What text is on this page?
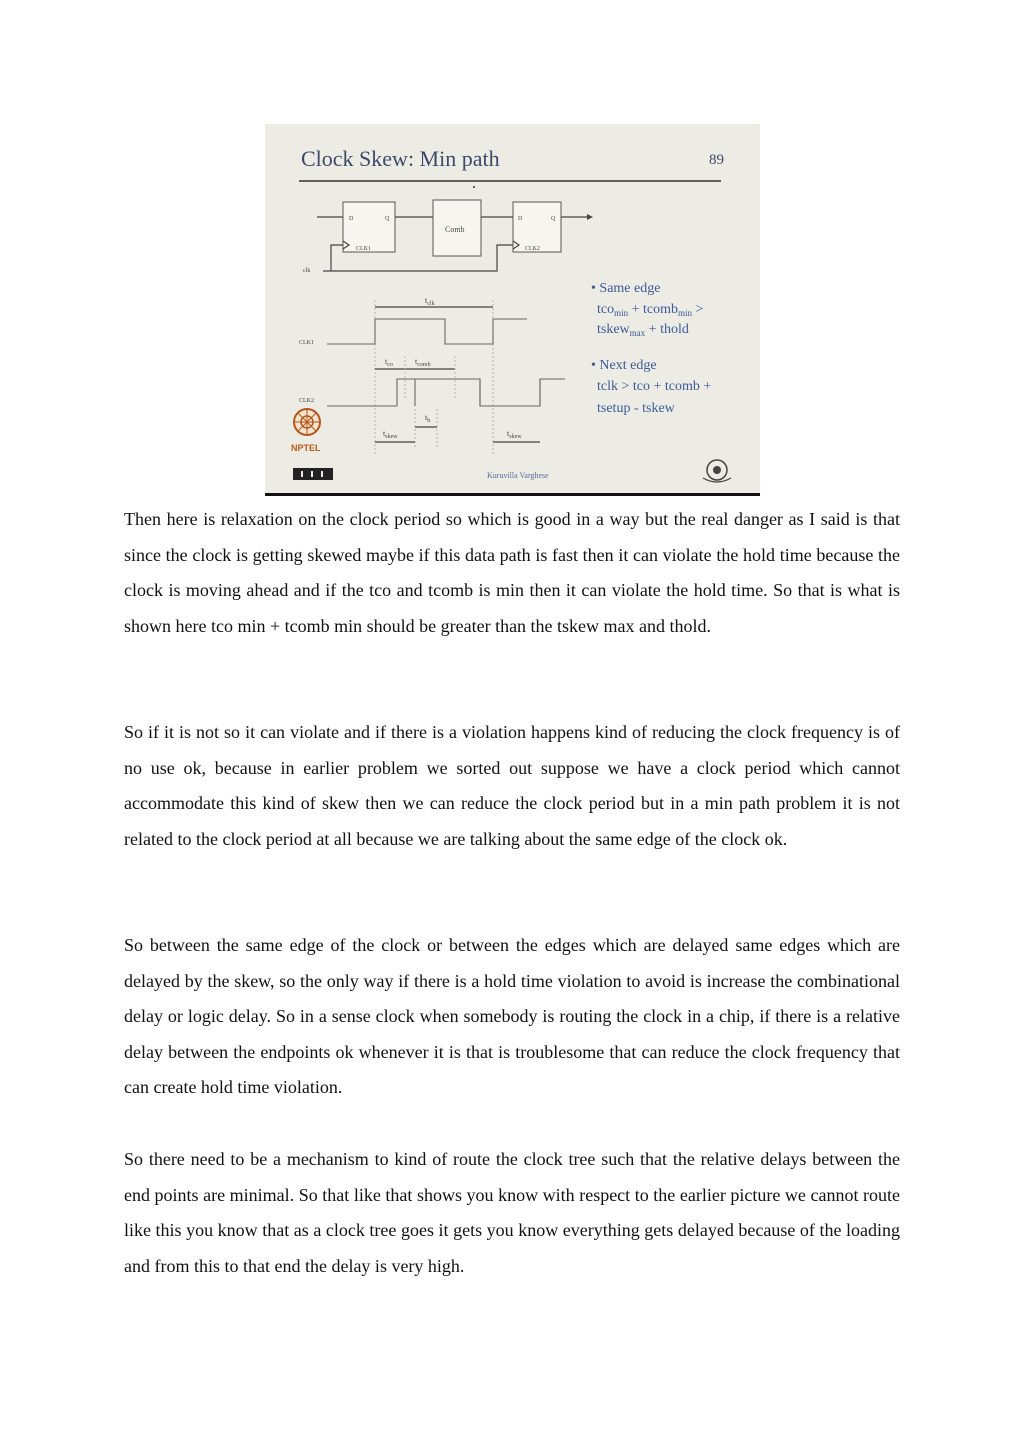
Clock Skew: Min path	89
D	Q
CLK1
Comb
D	Q
CLK2
clk
$t_{clk}$
CLK1
$t_{co}$	$t_{comb}$
CLK2
$t_h$
$t_{skew}$	$t_{skew}$
• Same edge
tco$_{min}$ + tcomb$_{min}$ >
tskew$_{max}$ + thold
• Next edge
tclk > tco + tcomb +
tsetup - tskew
NPTEL
Kuruvilla Varghese

Then here is relaxation on the clock period so which is good in a way but the real danger as I said is that since the clock is getting skewed maybe if this data path is fast then it can violate the hold time because the clock is moving ahead and if the tco and tcomb is min then it can violate the hold time. So that is what is shown here tco min + tcomb min should be greater than the tskew max and thold.

So if it is not so it can violate and if there is a violation happens kind of reducing the clock frequency is of no use ok, because in earlier problem we sorted out suppose we have a clock period which cannot accommodate this kind of skew then we can reduce the clock period but in a min path problem it is not related to the clock period at all because we are talking about the same edge of the clock ok.

So between the same edge of the clock or between the edges which are delayed same edges which are delayed by the skew, so the only way if there is a hold time violation to avoid is increase the combinational delay or logic delay. So in a sense clock when somebody is routing the clock in a chip, if there is a relative delay between the endpoints ok whenever it is that is troublesome that can reduce the clock frequency that can create hold time violation.

So there need to be a mechanism to kind of route the clock tree such that the relative delays between the end points are minimal. So that like that shows you know with respect to the earlier picture we cannot route like this you know that as a clock tree goes it gets you know everything gets delayed because of the loading and from this to that end the delay is very high.
